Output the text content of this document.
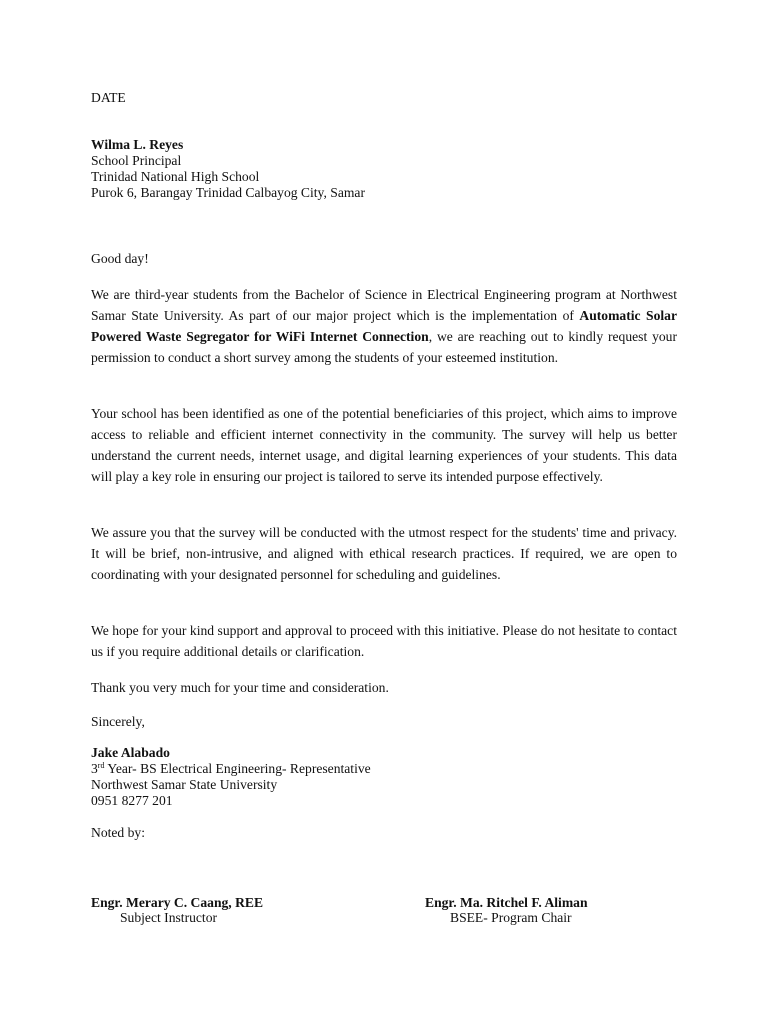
DATE
Wilma L. Reyes
School Principal
Trinidad National High School
Purok 6, Barangay Trinidad Calbayog City, Samar
Good day!

We are third-year students from the Bachelor of Science in Electrical Engineering program at Northwest Samar State University. As part of our major project which is the implementation of Automatic Solar Powered Waste Segregator for WiFi Internet Connection, we are reaching out to kindly request your permission to conduct a short survey among the students of your esteemed institution.

Your school has been identified as one of the potential beneficiaries of this project, which aims to improve access to reliable and efficient internet connectivity in the community. The survey will help us better understand the current needs, internet usage, and digital learning experiences of your students. This data will play a key role in ensuring our project is tailored to serve its intended purpose effectively.

We assure you that the survey will be conducted with the utmost respect for the students' time and privacy. It will be brief, non-intrusive, and aligned with ethical research practices. If required, we are open to coordinating with your designated personnel for scheduling and guidelines.

We hope for your kind support and approval to proceed with this initiative. Please do not hesitate to contact us if you require additional details or clarification.

Thank you very much for your time and consideration.
Sincerely,
Jake Alabado
3rd Year- BS Electrical Engineering- Representative
Northwest Samar State University
0951 8277 201
Noted by:
Engr. Merary C. Caang, REE
Subject Instructor
Engr. Ma. Ritchel F. Aliman
BSEE- Program Chair
